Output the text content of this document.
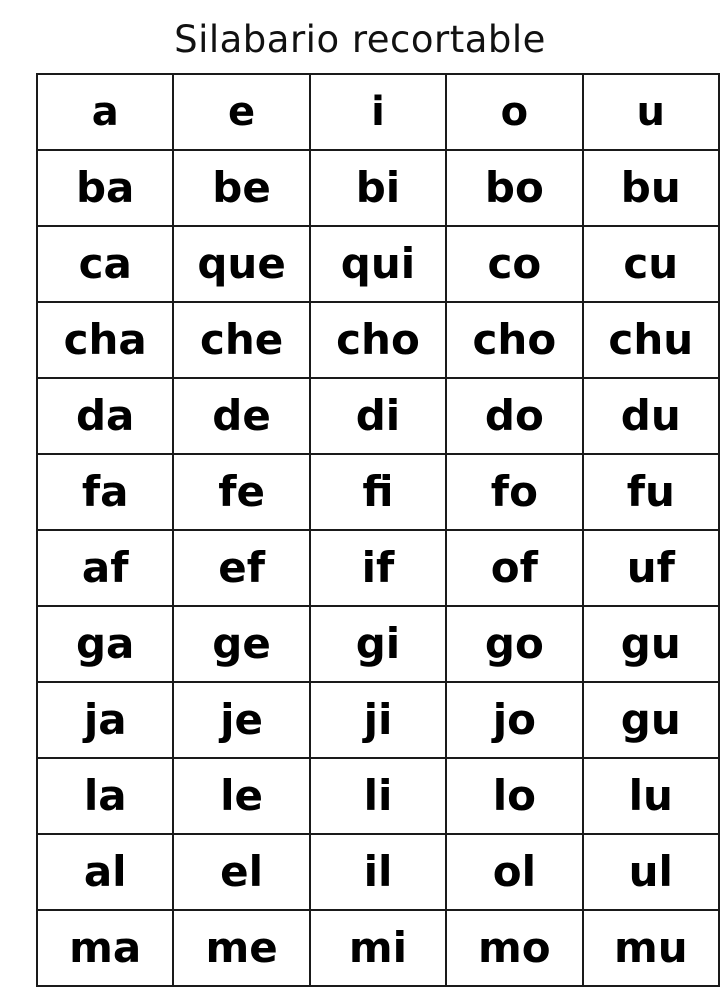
Silabario recortable
a	e	i	o	u
ba	be	bi	bo	bu
ca	que	qui	co	cu
cha	che	cho	cho	chu
da	de	di	do	du
fa	fe	fi	fo	fu
af	ef	if	of	uf
ga	ge	gi	go	gu
ja	je	ji	jo	gu
la	le	li	lo	lu
al	el	il	ol	ul
ma	me	mi	mo	mu
